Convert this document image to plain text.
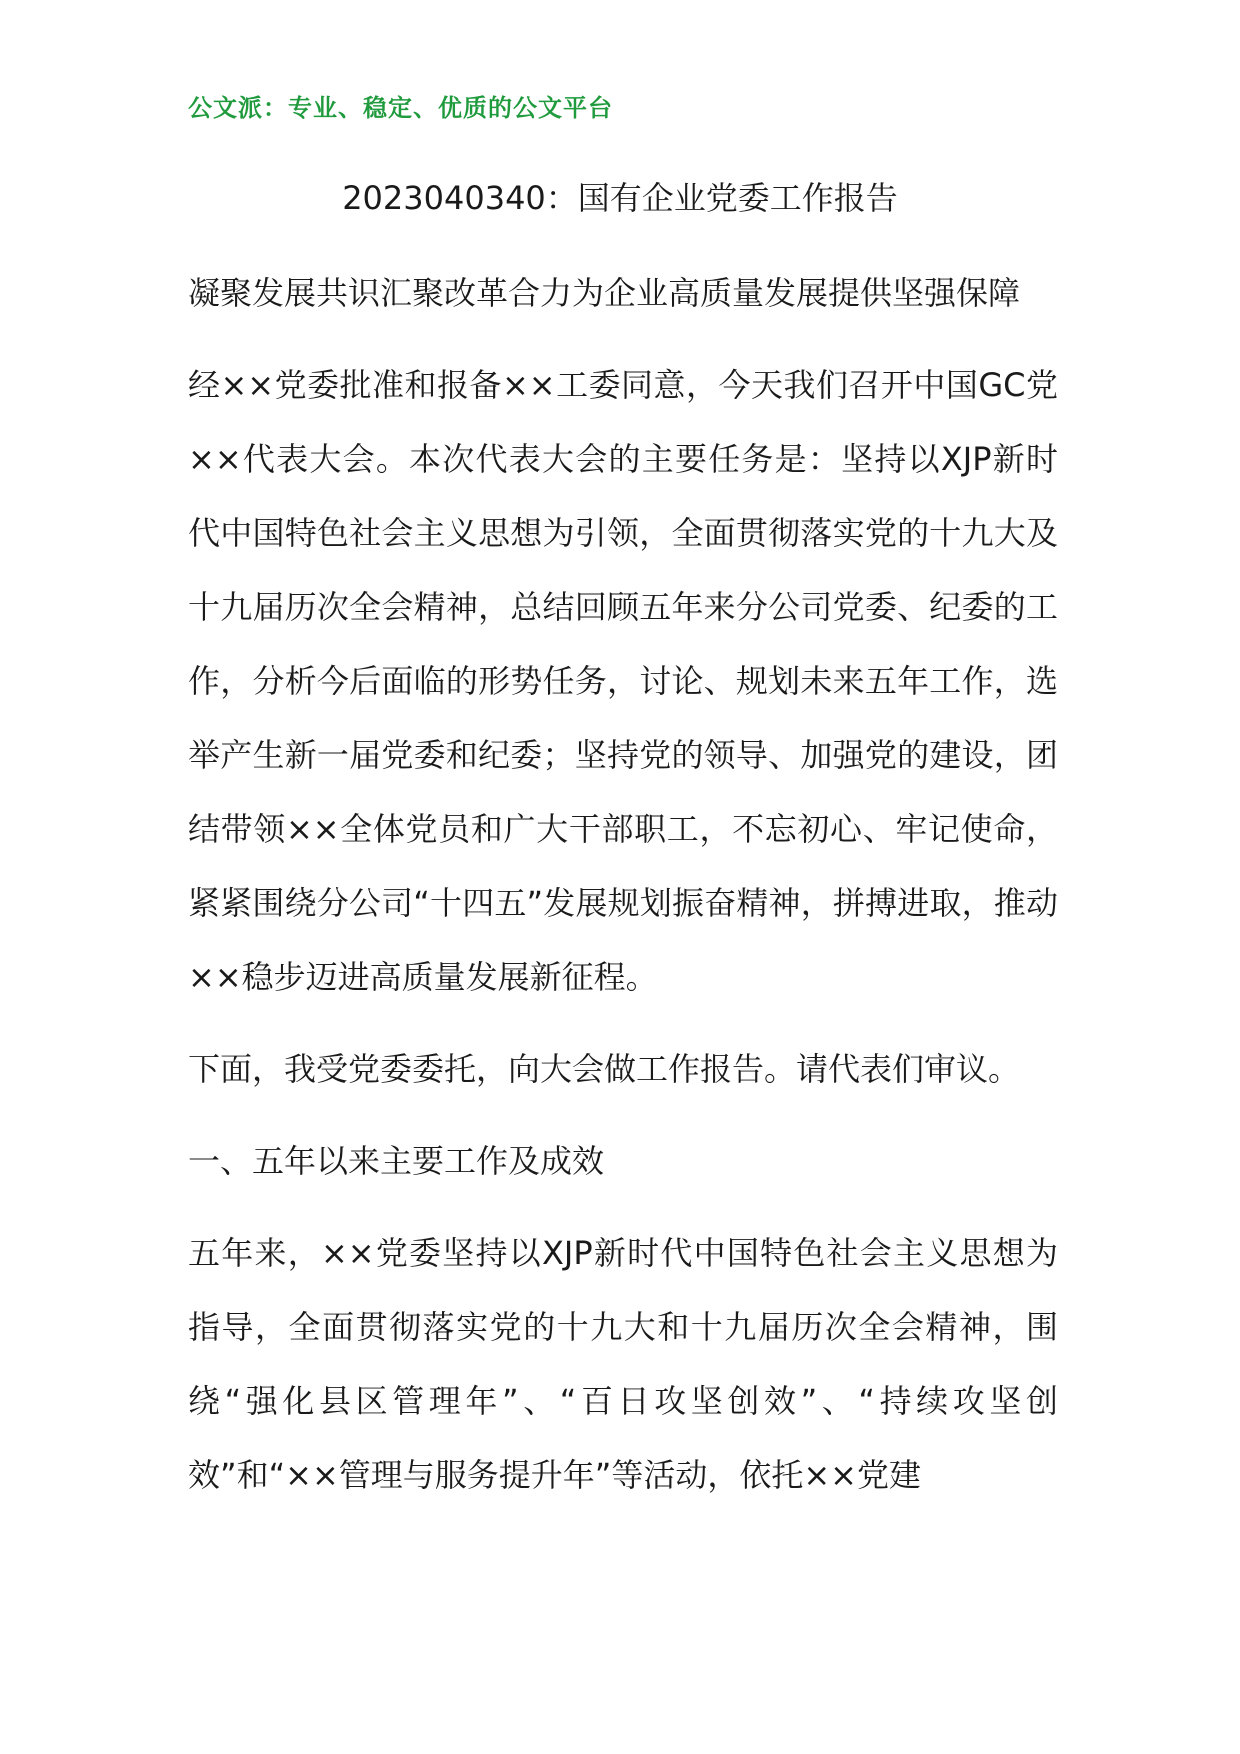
公文派：专业、稳定、优质的公文平台
2023040340：国有企业党委工作报告

凝聚发展共识汇聚改革合力为企业高质量发展提供坚强保障

经××党委批准和报备××工委同意，今天我们召开中国GC党××代表大会。本次代表大会的主要任务是：坚持以XJP新时代中国特色社会主义思想为引领，全面贯彻落实党的十九大及十九届历次全会精神，总结回顾五年来分公司党委、纪委的工作，分析今后面临的形势任务，讨论、规划未来五年工作，选举产生新一届党委和纪委；坚持党的领导、加强党的建设，团结带领××全体党员和广大干部职工，不忘初心、牢记使命，紧紧围绕分公司“十四五”发展规划振奋精神，拼搏进取，推动××稳步迈进高质量发展新征程。

下面，我受党委委托，向大会做工作报告。请代表们审议。

一、五年以来主要工作及成效

五年来，××党委坚持以XJP新时代中国特色社会主义思想为指导，全面贯彻落实党的十九大和十九届历次全会精神，围绕“强化县区管理年”、“百日攻坚创效”、“持续攻坚创效”和“××管理与服务提升年”等活动，依托××党建
